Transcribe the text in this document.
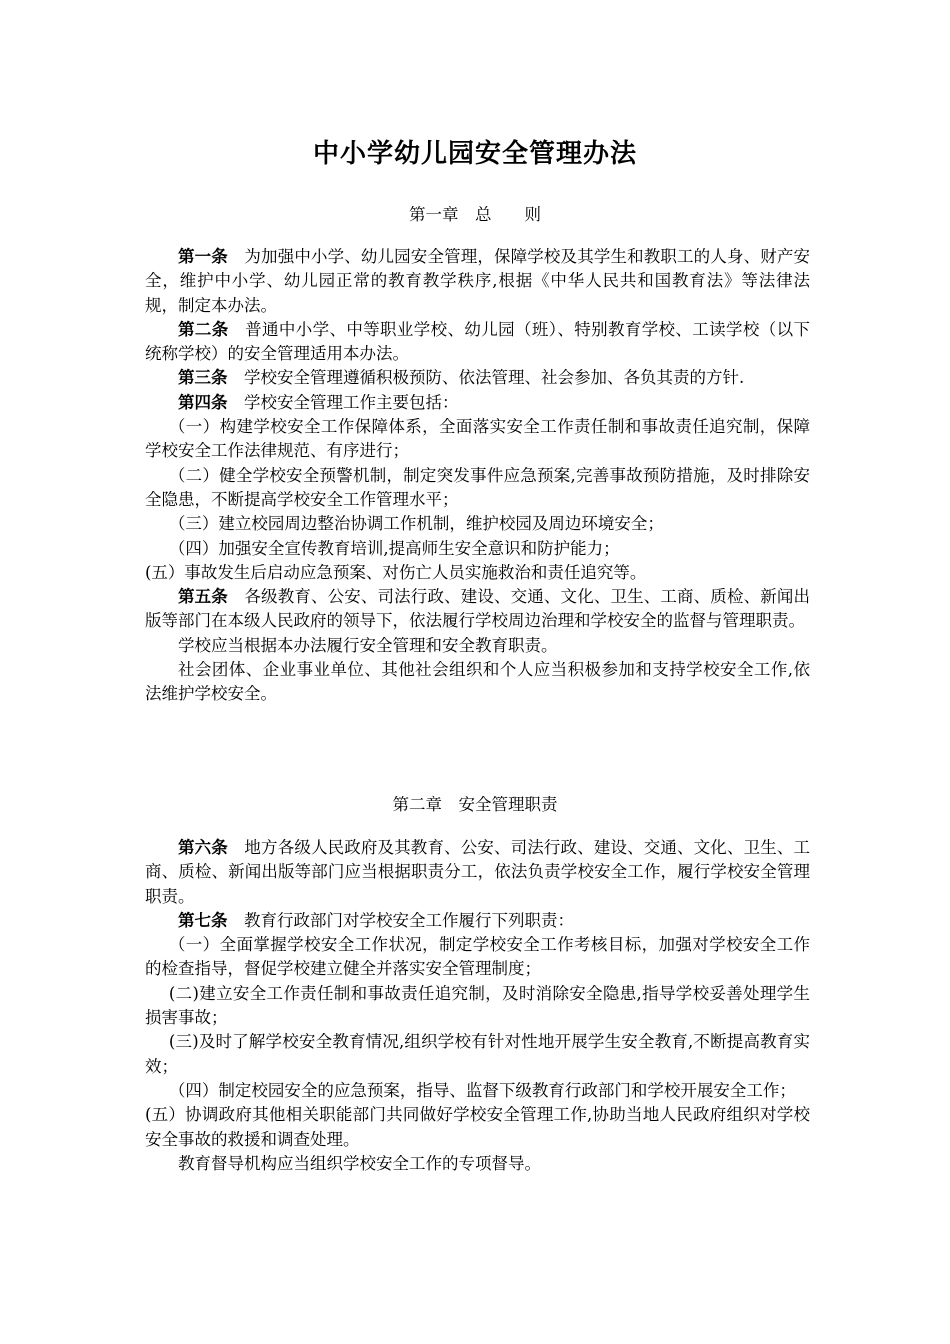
中小学幼儿园安全管理办法
第一章　总　　则

第一条 为加强中小学、幼儿园安全管理，保障学校及其学生和教职工的人身、财产安全，维护中小学、幼儿园正常的教育教学秩序,根据《中华人民共和国教育法》等法律法规，制定本办法。

第二条 普通中小学、中等职业学校、幼儿园（班）、特别教育学校、工读学校（以下统称学校）的安全管理适用本办法。

第三条 学校安全管理遵循积极预防、依法管理、社会参加、各负其责的方针.

第四条 学校安全管理工作主要包括：

（一）构建学校安全工作保障体系，全面落实安全工作责任制和事故责任追究制，保障学校安全工作法律规范、有序进行；

（二）健全学校安全预警机制，制定突发事件应急预案,完善事故预防措施，及时排除安全隐患，不断提高学校安全工作管理水平；

（三）建立校园周边整治协调工作机制，维护校园及周边环境安全；

（四）加强安全宣传教育培训,提高师生安全意识和防护能力；

(五）事故发生后启动应急预案、对伤亡人员实施救治和责任追究等。

第五条 各级教育、公安、司法行政、建设、交通、文化、卫生、工商、质检、新闻出版等部门在本级人民政府的领导下，依法履行学校周边治理和学校安全的监督与管理职责。

学校应当根据本办法履行安全管理和安全教育职责。

社会团体、企业事业单位、其他社会组织和个人应当积极参加和支持学校安全工作,依法维护学校安全。

第二章　安全管理职责

第六条 地方各级人民政府及其教育、公安、司法行政、建设、交通、文化、卫生、工商、质检、新闻出版等部门应当根据职责分工，依法负责学校安全工作，履行学校安全管理职责。

第七条 教育行政部门对学校安全工作履行下列职责：

（一）全面掌握学校安全工作状况，制定学校安全工作考核目标，加强对学校安全工作的检查指导，督促学校建立健全并落实安全管理制度；

(二)建立安全工作责任制和事故责任追究制，及时消除安全隐患,指导学校妥善处理学生损害事故；

(三)及时了解学校安全教育情况,组织学校有针对性地开展学生安全教育,不断提高教育实效；

（四）制定校园安全的应急预案，指导、监督下级教育行政部门和学校开展安全工作；

(五）协调政府其他相关职能部门共同做好学校安全管理工作,协助当地人民政府组织对学校安全事故的救援和调查处理。

教育督导机构应当组织学校安全工作的专项督导。
